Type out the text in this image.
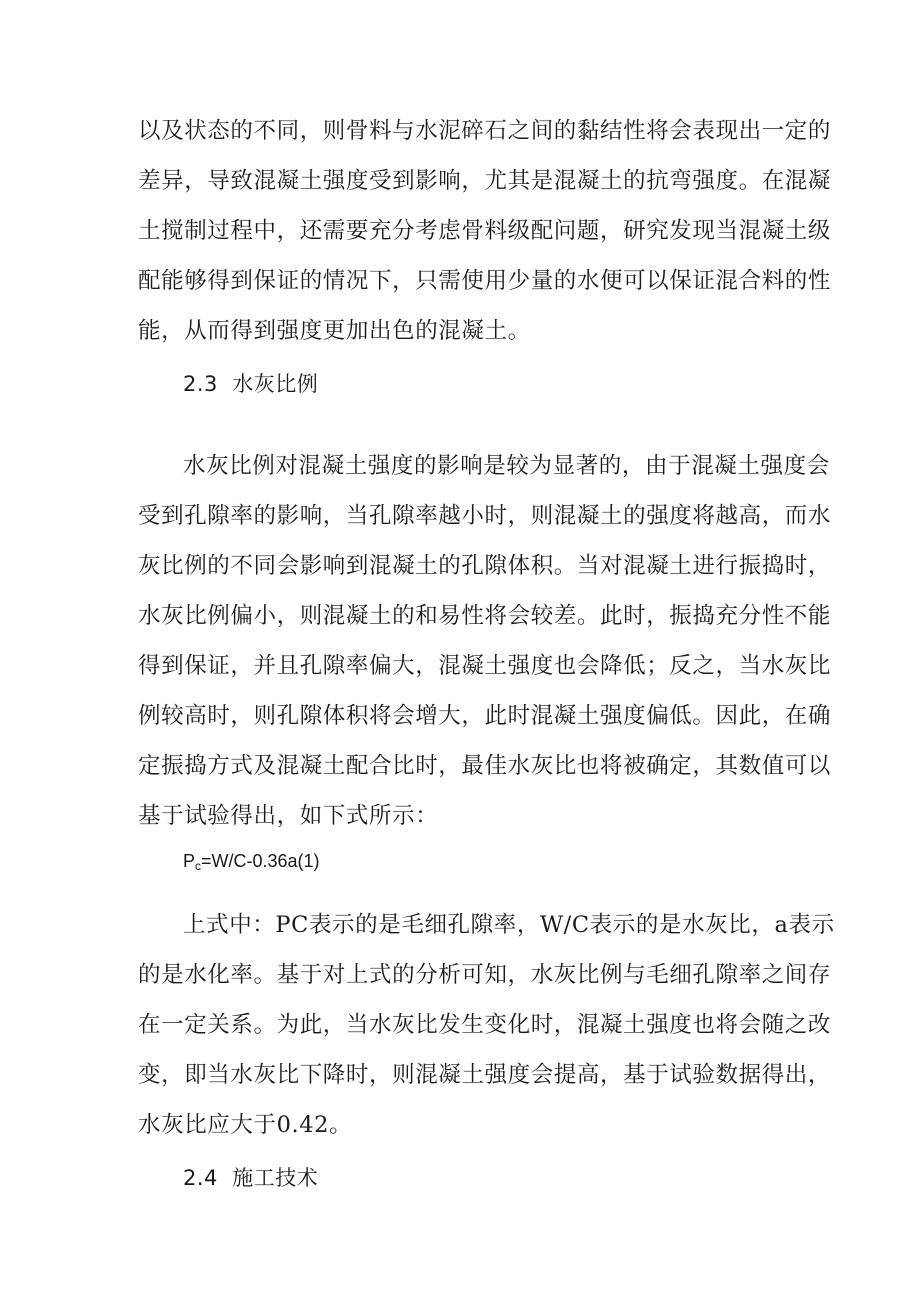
以及状态的不同，则骨料与水泥碎石之间的黏结性将会表现出一定的
差异，导致混凝土强度受到影响，尤其是混凝土的抗弯强度。在混凝
土搅制过程中，还需要充分考虑骨料级配问题，研究发现当混凝土级
配能够得到保证的情况下，只需使用少量的水便可以保证混合料的性
能，从而得到强度更加出色的混凝土。
2.3 水灰比例
水灰比例对混凝土强度的影响是较为显著的，由于混凝土强度会
受到孔隙率的影响，当孔隙率越小时，则混凝土的强度将越高，而水
灰比例的不同会影响到混凝土的孔隙体积。当对混凝土进行振捣时，
水灰比例偏小，则混凝土的和易性将会较差。此时，振捣充分性不能
得到保证，并且孔隙率偏大，混凝土强度也会降低；反之，当水灰比
例较高时，则孔隙体积将会增大，此时混凝土强度偏低。因此，在确
定振捣方式及混凝土配合比时，最佳水灰比也将被确定，其数值可以
基于试验得出，如下式所示：
$P_c=W/C-0.36a(1)$
上式中：PC表示的是毛细孔隙率，W/C表示的是水灰比，a表示
的是水化率。基于对上式的分析可知，水灰比例与毛细孔隙率之间存
在一定关系。为此，当水灰比发生变化时，混凝土强度也将会随之改
变，即当水灰比下降时，则混凝土强度会提高，基于试验数据得出，
水灰比应大于0.42。
2.4 施工技术
